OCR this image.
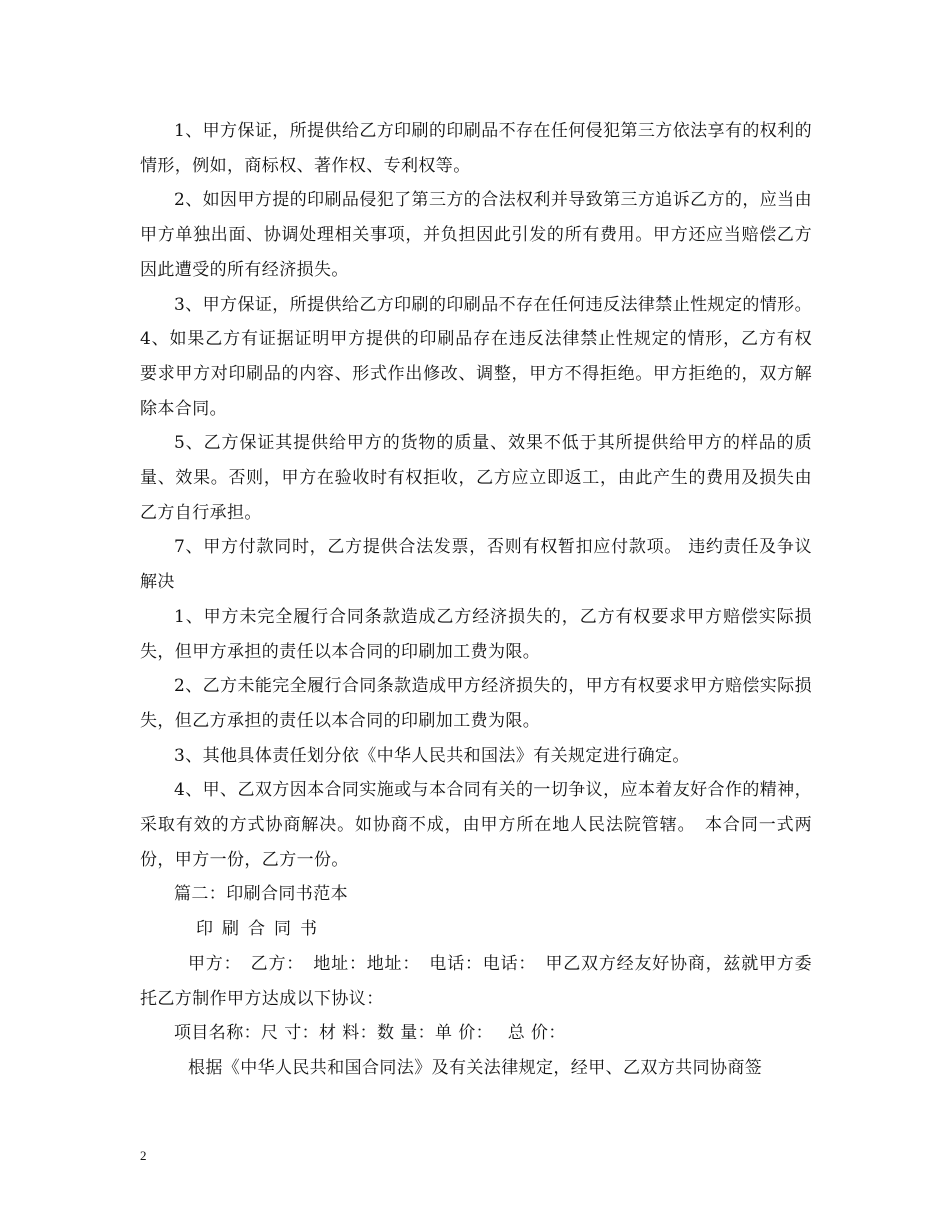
1、甲方保证，所提供给乙方印刷的印刷品不存在任何侵犯第三方依法享有的权利的情形，例如，商标权、著作权、专利权等。

2、如因甲方提的印刷品侵犯了第三方的合法权利并导致第三方追诉乙方的，应当由甲方单独出面、协调处理相关事项，并负担因此引发的所有费用。甲方还应当赔偿乙方因此遭受的所有经济损失。

3、甲方保证，所提供给乙方印刷的印刷品不存在任何违反法律禁止性规定的情形。 4、如果乙方有证据证明甲方提供的印刷品存在违反法律禁止性规定的情形，乙方有权要求甲方对印刷品的内容、形式作出修改、调整，甲方不得拒绝。甲方拒绝的，双方解除本合同。

5、乙方保证其提供给甲方的货物的质量、效果不低于其所提供给甲方的样品的质量、效果。否则，甲方在验收时有权拒收，乙方应立即返工，由此产生的费用及损失由乙方自行承担。

7、甲方付款同时，乙方提供合法发票，否则有权暂扣应付款项。 违约责任及争议解决

1、甲方未完全履行合同条款造成乙方经济损失的，乙方有权要求甲方赔偿实际损失，但甲方承担的责任以本合同的印刷加工费为限。

2、乙方未能完全履行合同条款造成甲方经济损失的，甲方有权要求甲方赔偿实际损失，但乙方承担的责任以本合同的印刷加工费为限。

3、其他具体责任划分依《中华人民共和国法》有关规定进行确定。

4、甲、乙双方因本合同实施或与本合同有关的一切争议，应本着友好合作的精神，采取有效的方式协商解决。如协商不成，由甲方所在地人民法院管辖。　本合同一式两份，甲方一份，乙方一份。

篇二：印刷合同书范本

印刷合同书

甲方：　乙方：　地址：地址：　电话：电话：　甲乙双方经友好协商，兹就甲方委托乙方制作甲方达成以下协议：

项目名称：尺 寸：材 料：数 量：单 价：　 总 价：

根据《中华人民共和国合同法》及有关法律规定，经甲、乙双方共同协商签

2
